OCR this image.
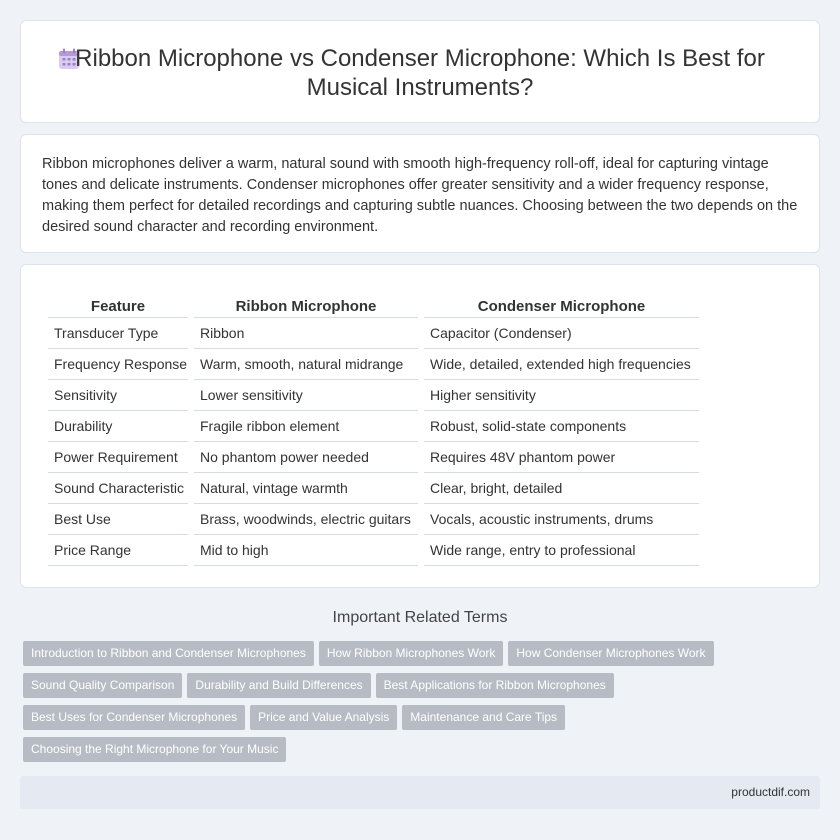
Ribbon Microphone vs Condenser Microphone: Which Is Best for Musical Instruments?

Ribbon microphones deliver a warm, natural sound with smooth high-frequency roll-off, ideal for capturing vintage tones and delicate instruments. Condenser microphones offer greater sensitivity and a wider frequency response, making them perfect for detailed recordings and capturing subtle nuances. Choosing between the two depends on the desired sound character and recording environment.

Feature	Ribbon Microphone	Condenser Microphone
Transducer Type	Ribbon	Capacitor (Condenser)
Frequency Response	Warm, smooth, natural midrange	Wide, detailed, extended high frequencies
Sensitivity	Lower sensitivity	Higher sensitivity
Durability	Fragile ribbon element	Robust, solid-state components
Power Requirement	No phantom power needed	Requires 48V phantom power
Sound Characteristic	Natural, vintage warmth	Clear, bright, detailed
Best Use	Brass, woodwinds, electric guitars	Vocals, acoustic instruments, drums
Price Range	Mid to high	Wide range, entry to professional
Important Related Terms
Introduction to Ribbon and Condenser Microphones How Ribbon Microphones Work How Condenser Microphones Work
Sound Quality Comparison Durability and Build Differences Best Applications for Ribbon Microphones
Best Uses for Condenser Microphones Price and Value Analysis Maintenance and Care Tips
Choosing the Right Microphone for Your Music
productdif.com
